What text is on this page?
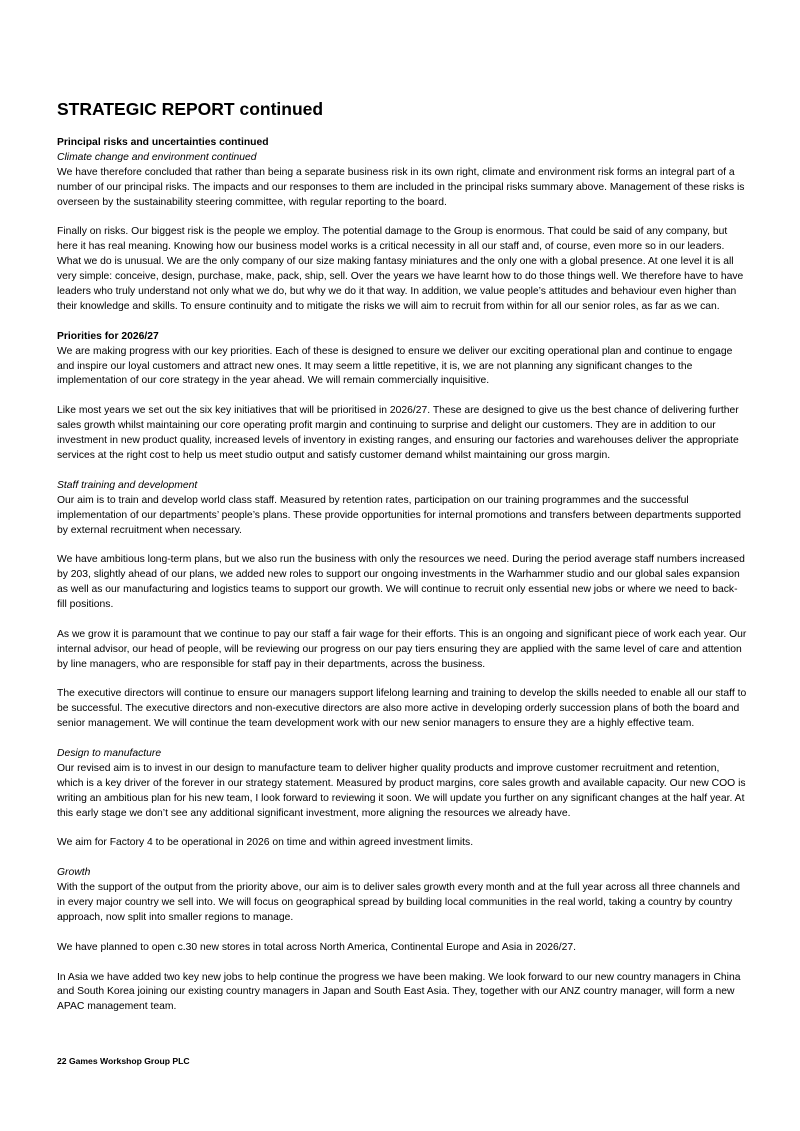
STRATEGIC REPORT continued
Principal risks and uncertainties continued
Climate change and environment continued

We have therefore concluded that rather than being a separate business risk in its own right, climate and environment risk forms an integral part of a number of our principal risks. The impacts and our responses to them are included in the principal risks summary above. Management of these risks is overseen by the sustainability steering committee, with regular reporting to the board.

Finally on risks. Our biggest risk is the people we employ. The potential damage to the Group is enormous. That could be said of any company, but here it has real meaning. Knowing how our business model works is a critical necessity in all our staff and, of course, even more so in our leaders. What we do is unusual. We are the only company of our size making fantasy miniatures and the only one with a global presence. At one level it is all very simple: conceive, design, purchase, make, pack, ship, sell. Over the years we have learnt how to do those things well. We therefore have to have leaders who truly understand not only what we do, but why we do it that way. In addition, we value people’s attitudes and behaviour even higher than their knowledge and skills. To ensure continuity and to mitigate the risks we will aim to recruit from within for all our senior roles, as far as we can.

Priorities for 2026/27

We are making progress with our key priorities. Each of these is designed to ensure we deliver our exciting operational plan and continue to engage and inspire our loyal customers and attract new ones. It may seem a little repetitive, it is, we are not planning any significant changes to the implementation of our core strategy in the year ahead. We will remain commercially inquisitive.

Like most years we set out the six key initiatives that will be prioritised in 2026/27. These are designed to give us the best chance of delivering further sales growth whilst maintaining our core operating profit margin and continuing to surprise and delight our customers. They are in addition to our investment in new product quality, increased levels of inventory in existing ranges, and ensuring our factories and warehouses deliver the appropriate services at the right cost to help us meet studio output and satisfy customer demand whilst maintaining our gross margin.

Staff training and development

Our aim is to train and develop world class staff. Measured by retention rates, participation on our training programmes and the successful implementation of our departments’ people’s plans. These provide opportunities for internal promotions and transfers between departments supported by external recruitment when necessary.

We have ambitious long-term plans, but we also run the business with only the resources we need. During the period average staff numbers increased by 203, slightly ahead of our plans, we added new roles to support our ongoing investments in the Warhammer studio and our global sales expansion as well as our manufacturing and logistics teams to support our growth. We will continue to recruit only essential new jobs or where we need to back-fill positions.

As we grow it is paramount that we continue to pay our staff a fair wage for their efforts. This is an ongoing and significant piece of work each year. Our internal advisor, our head of people, will be reviewing our progress on our pay tiers ensuring they are applied with the same level of care and attention by line managers, who are responsible for staff pay in their departments, across the business.

The executive directors will continue to ensure our managers support lifelong learning and training to develop the skills needed to enable all our staff to be successful. The executive directors and non-executive directors are also more active in developing orderly succession plans of both the board and senior management. We will continue the team development work with our new senior managers to ensure they are a highly effective team.

Design to manufacture

Our revised aim is to invest in our design to manufacture team to deliver higher quality products and improve customer recruitment and retention, which is a key driver of the forever in our strategy statement. Measured by product margins, core sales growth and available capacity. Our new COO is writing an ambitious plan for his new team, I look forward to reviewing it soon. We will update you further on any significant changes at the half year. At this early stage we don’t see any additional significant investment, more aligning the resources we already have.

We aim for Factory 4 to be operational in 2026 on time and within agreed investment limits.

Growth

With the support of the output from the priority above, our aim is to deliver sales growth every month and at the full year across all three channels and in every major country we sell into. We will focus on geographical spread by building local communities in the real world, taking a country by country approach, now split into smaller regions to manage.

We have planned to open c.30 new stores in total across North America, Continental Europe and Asia in 2026/27.

In Asia we have added two key new jobs to help continue the progress we have been making. We look forward to our new country managers in China and South Korea joining our existing country managers in Japan and South East Asia. They, together with our ANZ country manager, will form a new APAC management team.

22 Games Workshop Group PLC
